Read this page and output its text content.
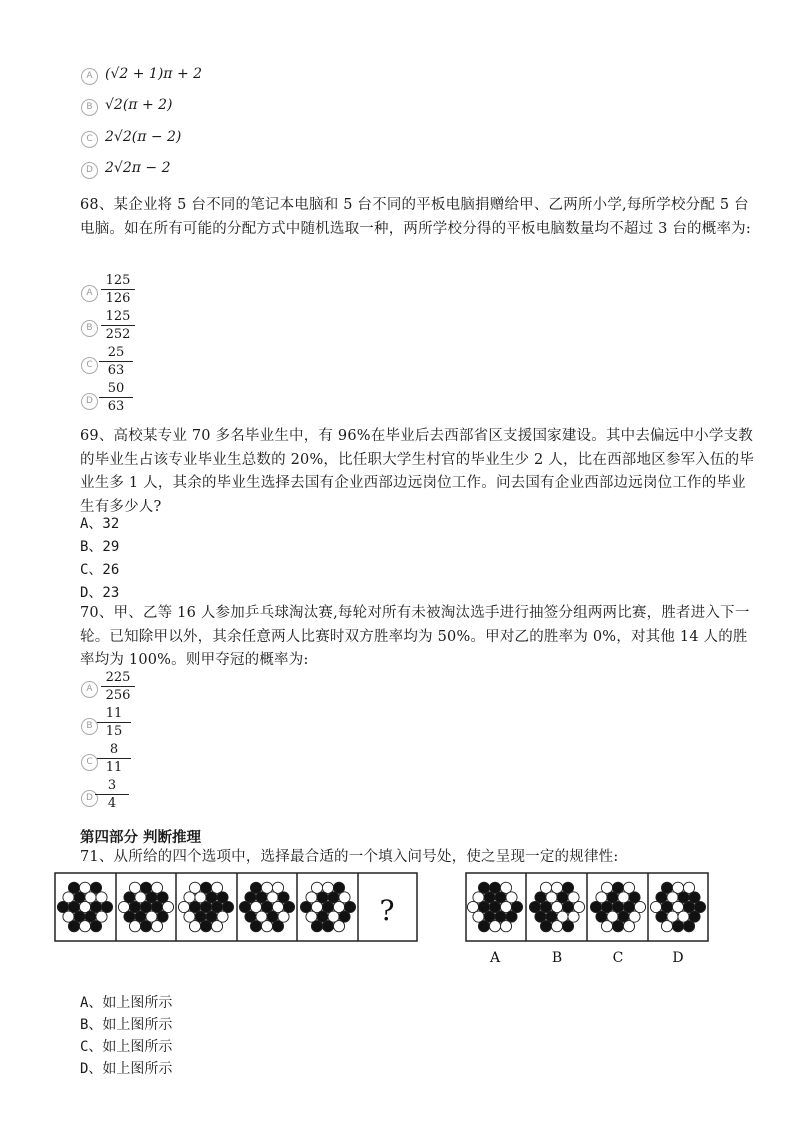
A (√2 + 1)π + 2
B √2(π + 2)
C 2√2(π − 2)
D 2√2π − 2
68、某企业将 5 台不同的笔记本电脑和 5 台不同的平板电脑捐赠给甲、乙两所小学,每所学校分配 5 台电脑。如在所有可能的分配方式中随机选取一种，两所学校分得的平板电脑数量均不超过 3 台的概率为:
A $\frac{125}{126}$
B $\frac{125}{252}$
C $\frac{25}{63}$
D $\frac{50}{63}$
69、高校某专业 70 多名毕业生中，有 96%在毕业后去西部省区支援国家建设。其中去偏远中小学支教的毕业生占该专业毕业生总数的 20%，比任职大学生村官的毕业生少 2 人，比在西部地区参军入伍的毕业生多 1 人，其余的毕业生选择去国有企业西部边远岗位工作。问去国有企业西部边远岗位工作的毕业生有多少人?
A、32
B、29
C、26
D、23
70、甲、乙等 16 人参加乒乓球淘汰赛,每轮对所有未被淘汰选手进行抽签分组两两比赛，胜者进入下一轮。已知除甲以外，其余任意两人比赛时双方胜率均为 50%。甲对乙的胜率为 0%，对其他 14 人的胜率均为 100%。则甲夺冠的概率为:
A $\frac{225}{256}$
B $\frac{11}{15}$
C $\frac{8}{11}$
D $\frac{3}{4}$
第四部分 判断推理
71、从所给的四个选项中，选择最合适的一个填入问号处，使之呈现一定的规律性:
?
A	B	C	D
A、如上图所示
B、如上图所示
C、如上图所示
D、如上图所示
